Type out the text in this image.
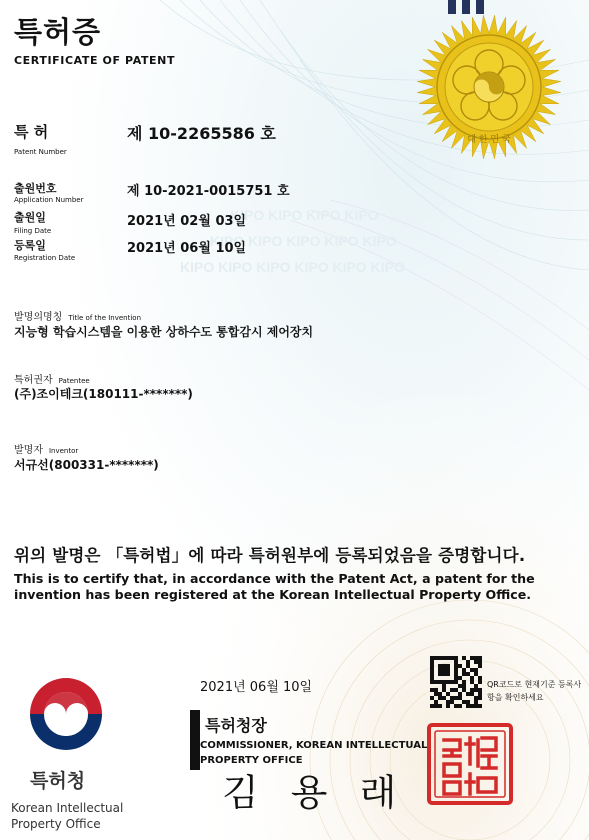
KIPO KIPO KIPO KIPO
KIPO KIPO KIPO KIPO KIPO
KIPO KIPO KIPO KIPO KIPO KIPO
대 한 민 국
특허증
CERTIFICATE OF PATENT
특 허
Patent Number
제 10-2265586 호
출원번호
Application Number
제 10-2021-0015751 호
출원일
Filing Date
2021년 02월 03일
등록일
Registration Date
2021년 06월 10일
발명의명칭 Title of the Invention
지능형 학습시스템을 이용한 상하수도 통합감시 제어장치
특허권자 Patentee
(주)조이테크(180111-*******)
발명자 Inventor
서규선(800331-*******)
위의 발명은 「특허법」에 따라 특허원부에 등록되었음을 증명합니다.
This is to certify that, in accordance with the Patent Act, a patent for the invention has been registered at the Korean Intellectual Property Office.
특허청
Korean Intellectual Property Office
2021년 06월 10일
특허청장
COMMISSIONER, KOREAN INTELLECTUAL PROPERTY OFFICE
김 용 래
QR코드로 현재기준 등록사항을 확인하세요
